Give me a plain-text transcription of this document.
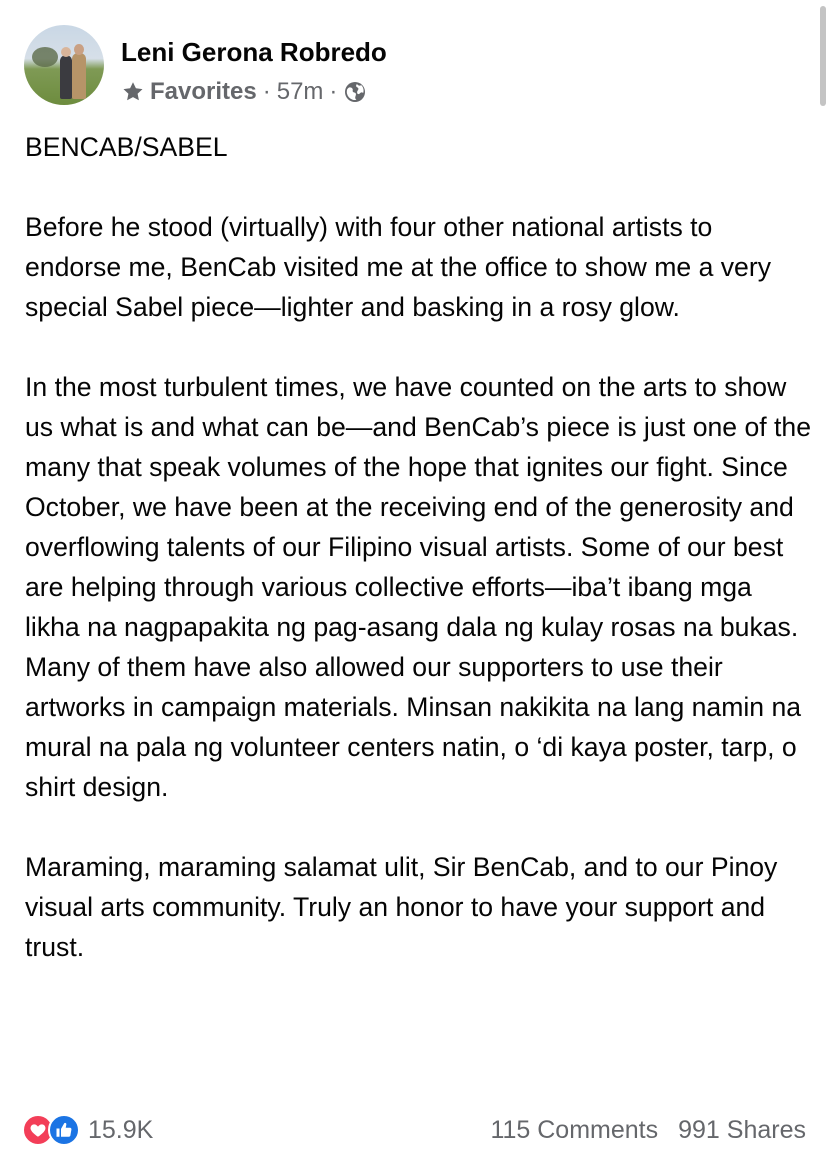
Leni Gerona Robredo
Favorites · 57m ·

BENCAB/SABEL

Before he stood (virtually) with four other national artists to endorse me, BenCab visited me at the office to show me a very special Sabel piece—lighter and basking in a rosy glow.

In the most turbulent times, we have counted on the arts to show us what is and what can be—and BenCab’s piece is just one of the many that speak volumes of the hope that ignites our fight. Since October, we have been at the receiving end of the generosity and overflowing talents of our Filipino visual artists. Some of our best are helping through various collective efforts—iba’t ibang mga likha na nagpapakita ng pag-asang dala ng kulay rosas na bukas. Many of them have also allowed our supporters to use their artworks in campaign materials. Minsan nakikita na lang namin na mural na pala ng volunteer centers natin, o ‘di kaya poster, tarp, o shirt design.

Maraming, maraming salamat ulit, Sir BenCab, and to our Pinoy visual arts community. Truly an honor to have your support and trust.

15.9K	115 Comments 991 Shares
